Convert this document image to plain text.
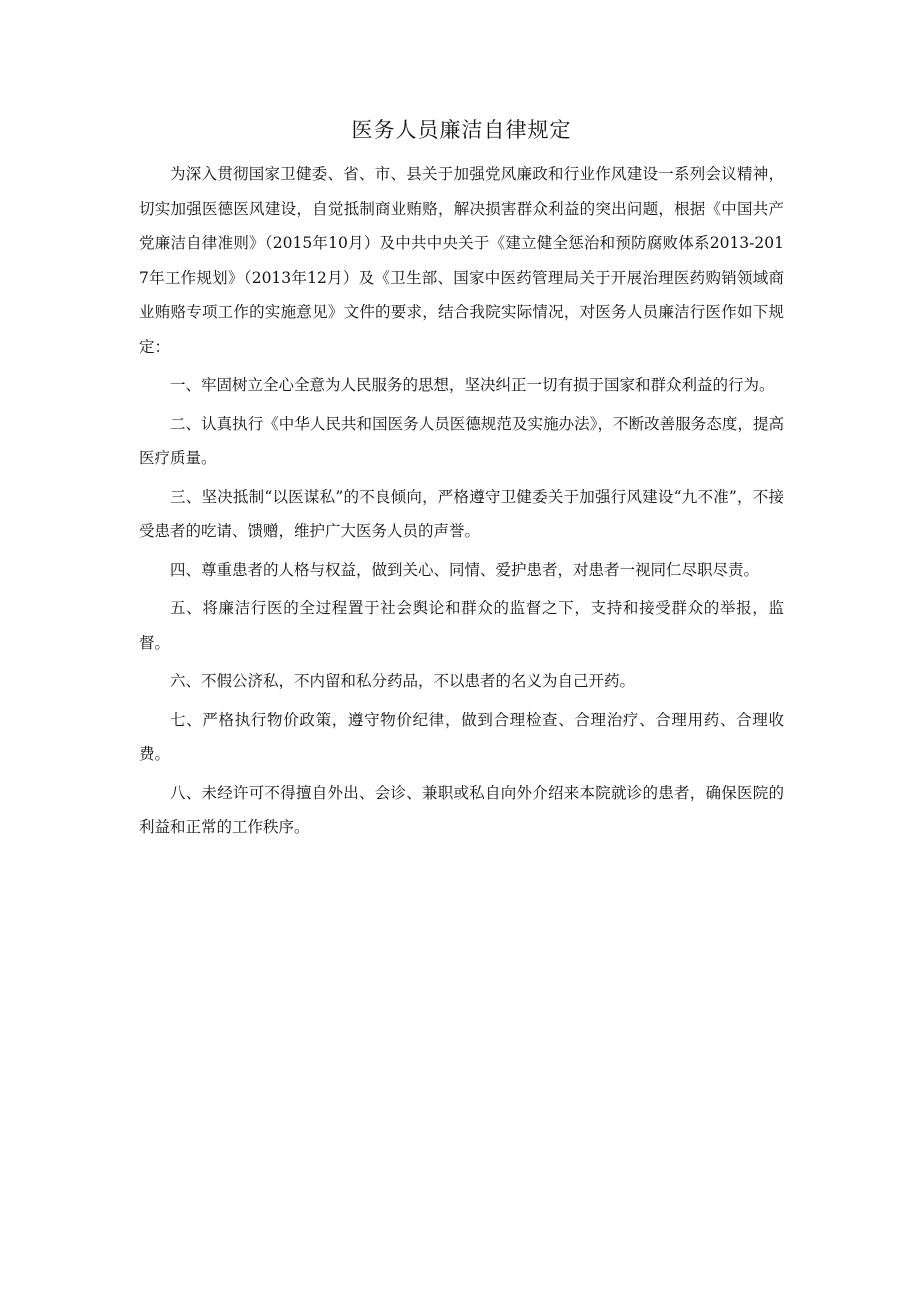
医务人员廉洁自律规定

为深入贯彻国家卫健委、省、市、县关于加强党风廉政和行业作风建设一系列会议精神，切实加强医德医风建设，自觉抵制商业贿赂，解决损害群众利益的突出问题，根据《中国共产党廉洁自律准则》（2015年10月）及中共中央关于《建立健全惩治和预防腐败体系2013-2017年工作规划》（2013年12月）及《卫生部、国家中医药管理局关于开展治理医药购销领域商业贿赂专项工作的实施意见》文件的要求，结合我院实际情况，对医务人员廉洁行医作如下规定：

一、牢固树立全心全意为人民服务的思想，坚决纠正一切有损于国家和群众利益的行为。

二、认真执行《中华人民共和国医务人员医德规范及实施办法》，不断改善服务态度，提高医疗质量。

三、坚决抵制“以医谋私”的不良倾向，严格遵守卫健委关于加强行风建设“九不准”，不接受患者的吃请、馈赠，维护广大医务人员的声誉。

四、尊重患者的人格与权益，做到关心、同情、爱护患者，对患者一视同仁尽职尽责。

五、将廉洁行医的全过程置于社会舆论和群众的监督之下，支持和接受群众的举报，监督。

六、不假公济私，不内留和私分药品，不以患者的名义为自己开药。

七、严格执行物价政策，遵守物价纪律，做到合理检查、合理治疗、合理用药、合理收费。

八、未经许可不得擅自外出、会诊、兼职或私自向外介绍来本院就诊的患者，确保医院的利益和正常的工作秩序。
